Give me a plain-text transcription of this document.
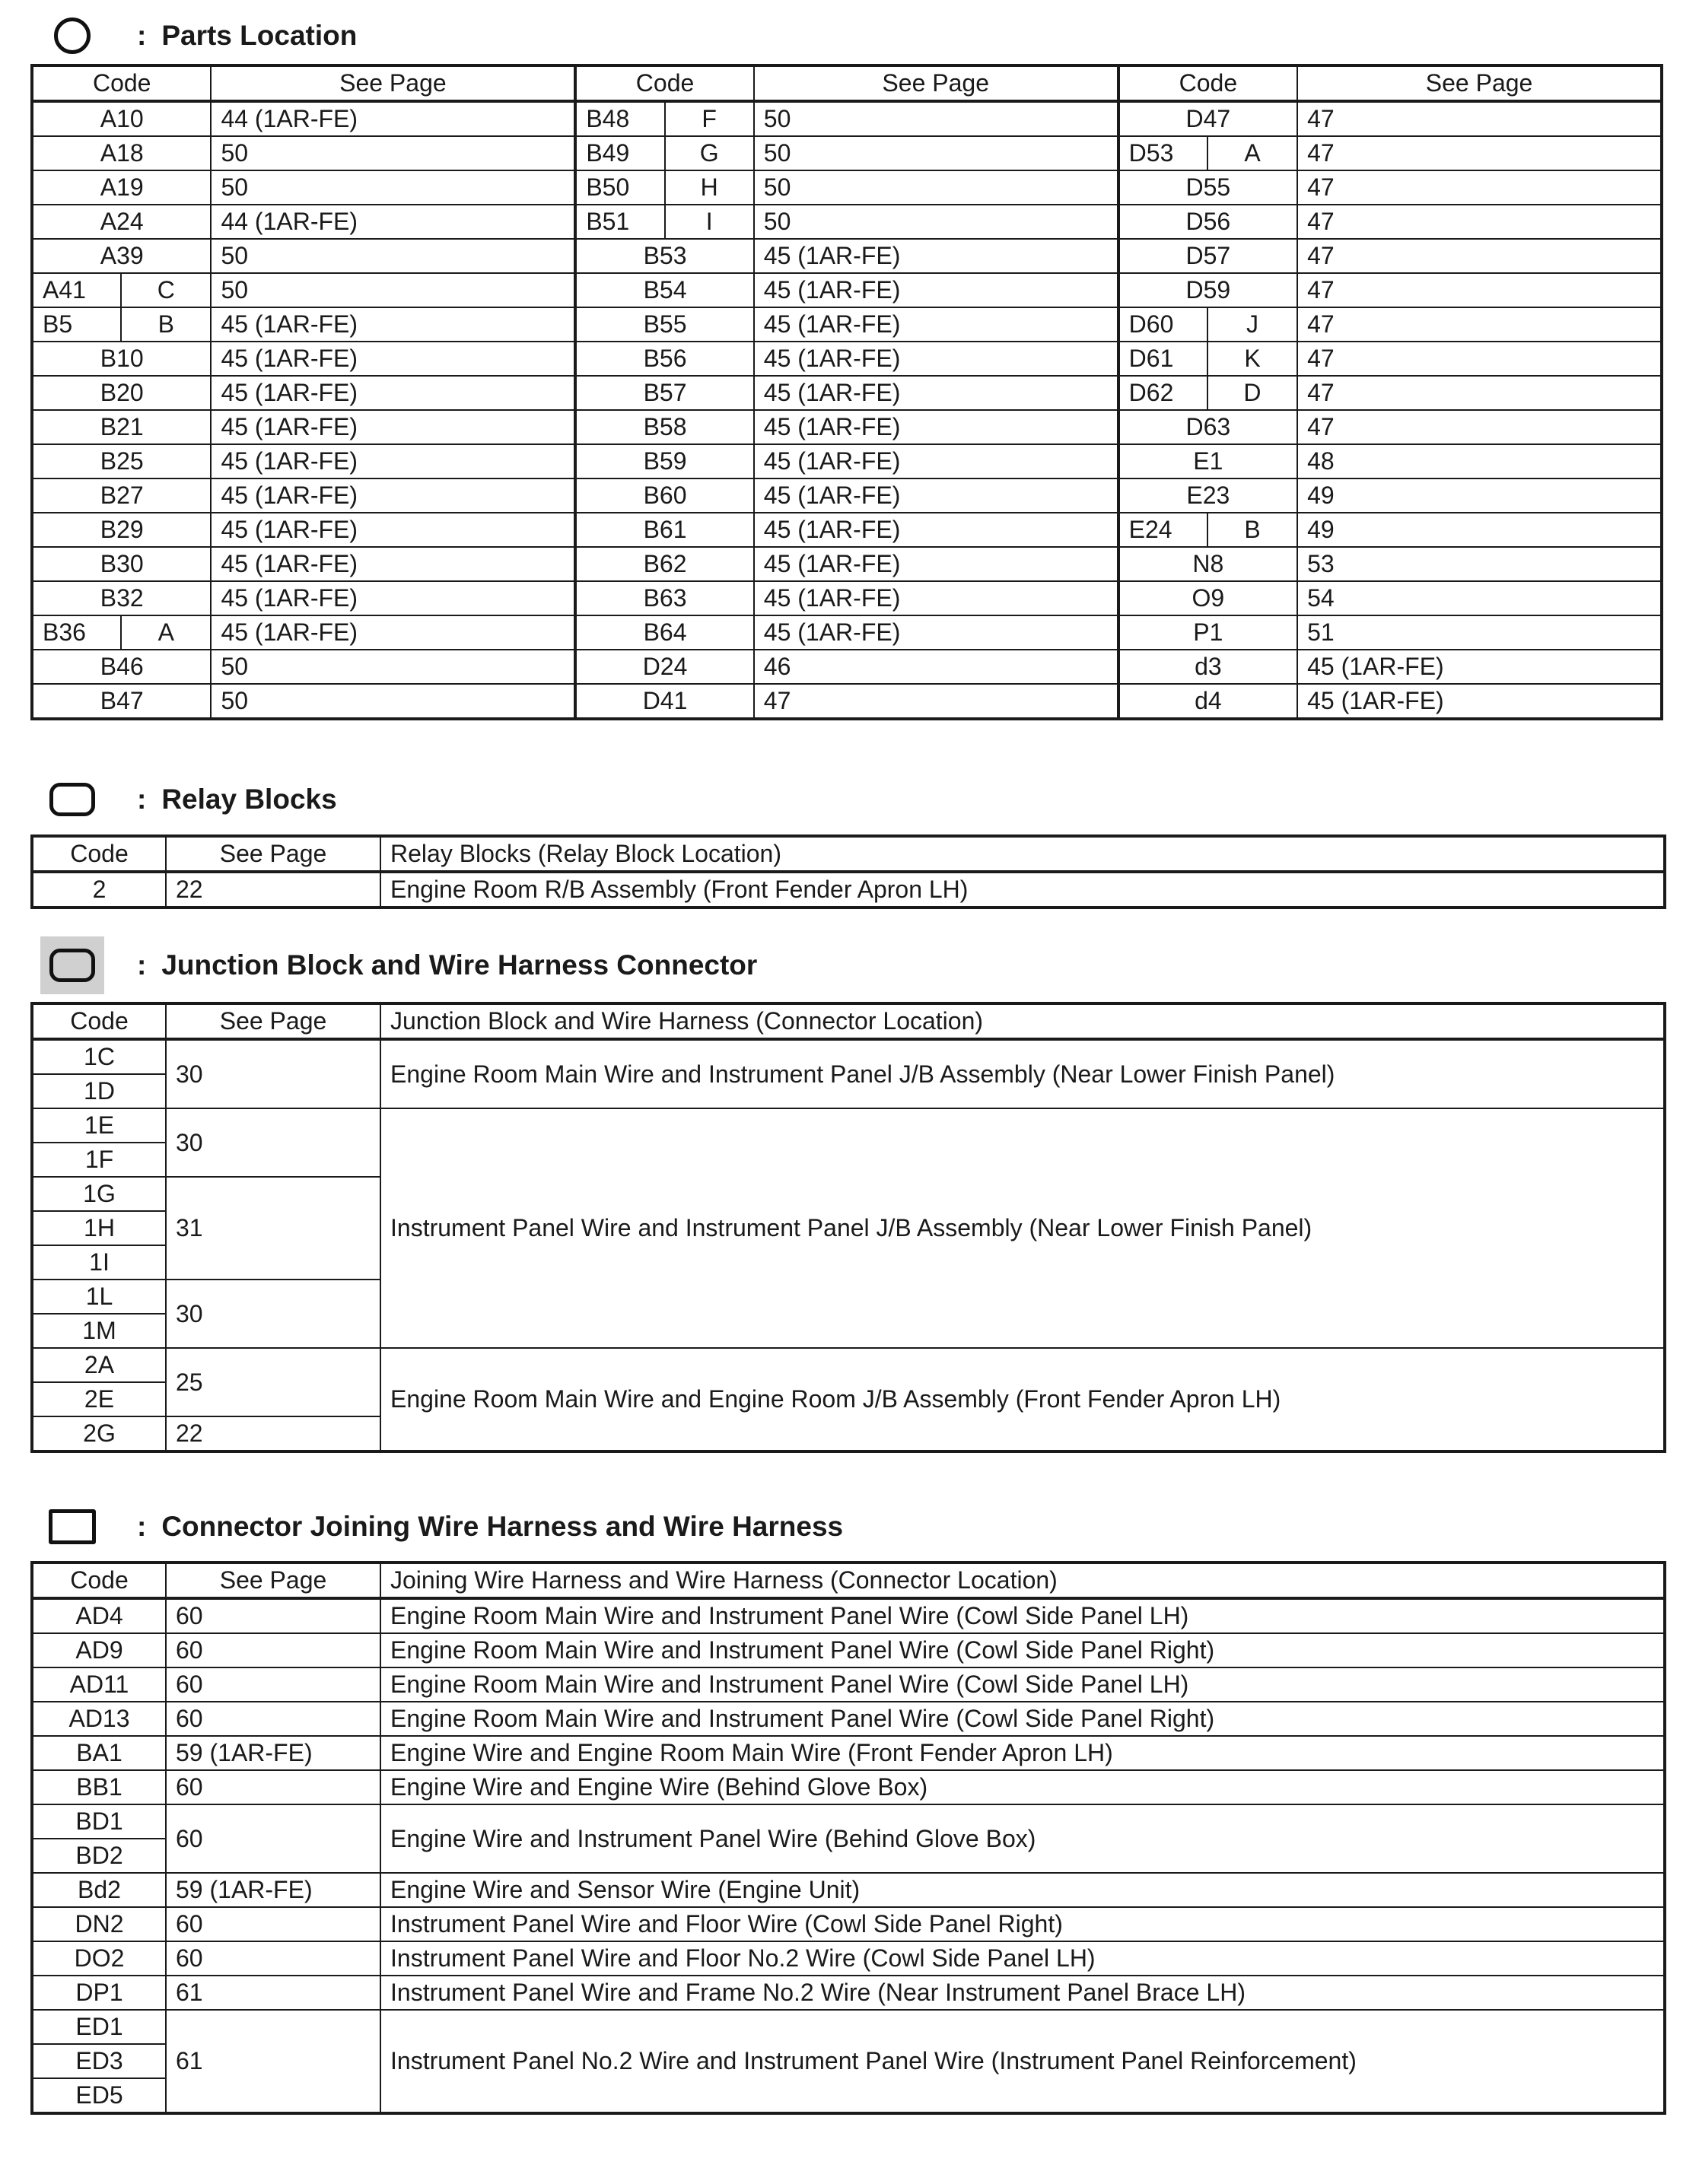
: Parts Location
Code		See Page	Code		See Page	Code		See Page
A10		44 (1AR-FE)	B48	F	50	D47		47
A18		50	B49	G	50	D53	A	47
A19		50	B50	H	50	D55		47
A24		44 (1AR-FE)	B51	I	50	D56		47
A39		50	B53		45 (1AR-FE)	D57		47
A41	C	50	B54		45 (1AR-FE)	D59		47
B5	B	45 (1AR-FE)	B55		45 (1AR-FE)	D60	J	47
B10		45 (1AR-FE)	B56		45 (1AR-FE)	D61	K	47
B20		45 (1AR-FE)	B57		45 (1AR-FE)	D62	D	47
B21		45 (1AR-FE)	B58		45 (1AR-FE)	D63		47
B25		45 (1AR-FE)	B59		45 (1AR-FE)	E1		48
B27		45 (1AR-FE)	B60		45 (1AR-FE)	E23		49
B29		45 (1AR-FE)	B61		45 (1AR-FE)	E24	B	49
B30		45 (1AR-FE)	B62		45 (1AR-FE)	N8		53
B32		45 (1AR-FE)	B63		45 (1AR-FE)	O9		54
B36	A	45 (1AR-FE)	B64		45 (1AR-FE)	P1		51
B46		50	D24		46	d3		45 (1AR-FE)
B47		50	D41		47	d4		45 (1AR-FE)
: Relay Blocks
Code	See Page	Relay Blocks (Relay Block Location)
2	22	Engine Room R/B Assembly (Front Fender Apron LH)
: Junction Block and Wire Harness Connector
Code	See Page	Junction Block and Wire Harness (Connector Location)
1C	30	Engine Room Main Wire and Instrument Panel J/B Assembly (Near Lower Finish Panel)
1D		
1E	30	Instrument Panel Wire and Instrument Panel J/B Assembly (Near Lower Finish Panel)
1F		
1G	31	
1H		
1I		
1L	30	
1M		
2A	25	Engine Room Main Wire and Engine Room J/B Assembly (Front Fender Apron LH)
2E		
2G	22	
: Connector Joining Wire Harness and Wire Harness
Code	See Page	Joining Wire Harness and Wire Harness (Connector Location)
AD4	60	Engine Room Main Wire and Instrument Panel Wire (Cowl Side Panel LH)
AD9	60	Engine Room Main Wire and Instrument Panel Wire (Cowl Side Panel Right)
AD11	60	Engine Room Main Wire and Instrument Panel Wire (Cowl Side Panel LH)
AD13	60	Engine Room Main Wire and Instrument Panel Wire (Cowl Side Panel Right)
BA1	59 (1AR-FE)	Engine Wire and Engine Room Main Wire (Front Fender Apron LH)
BB1	60	Engine Wire and Engine Wire (Behind Glove Box)
BD1	60	Engine Wire and Instrument Panel Wire (Behind Glove Box)
BD2		
Bd2	59 (1AR-FE)	Engine Wire and Sensor Wire (Engine Unit)
DN2	60	Instrument Panel Wire and Floor Wire (Cowl Side Panel Right)
DO2	60	Instrument Panel Wire and Floor No.2 Wire (Cowl Side Panel LH)
DP1	61	Instrument Panel Wire and Frame No.2 Wire (Near Instrument Panel Brace LH)
ED1	61	Instrument Panel No.2 Wire and Instrument Panel Wire (Instrument Panel Reinforcement)
ED3		
ED5		
